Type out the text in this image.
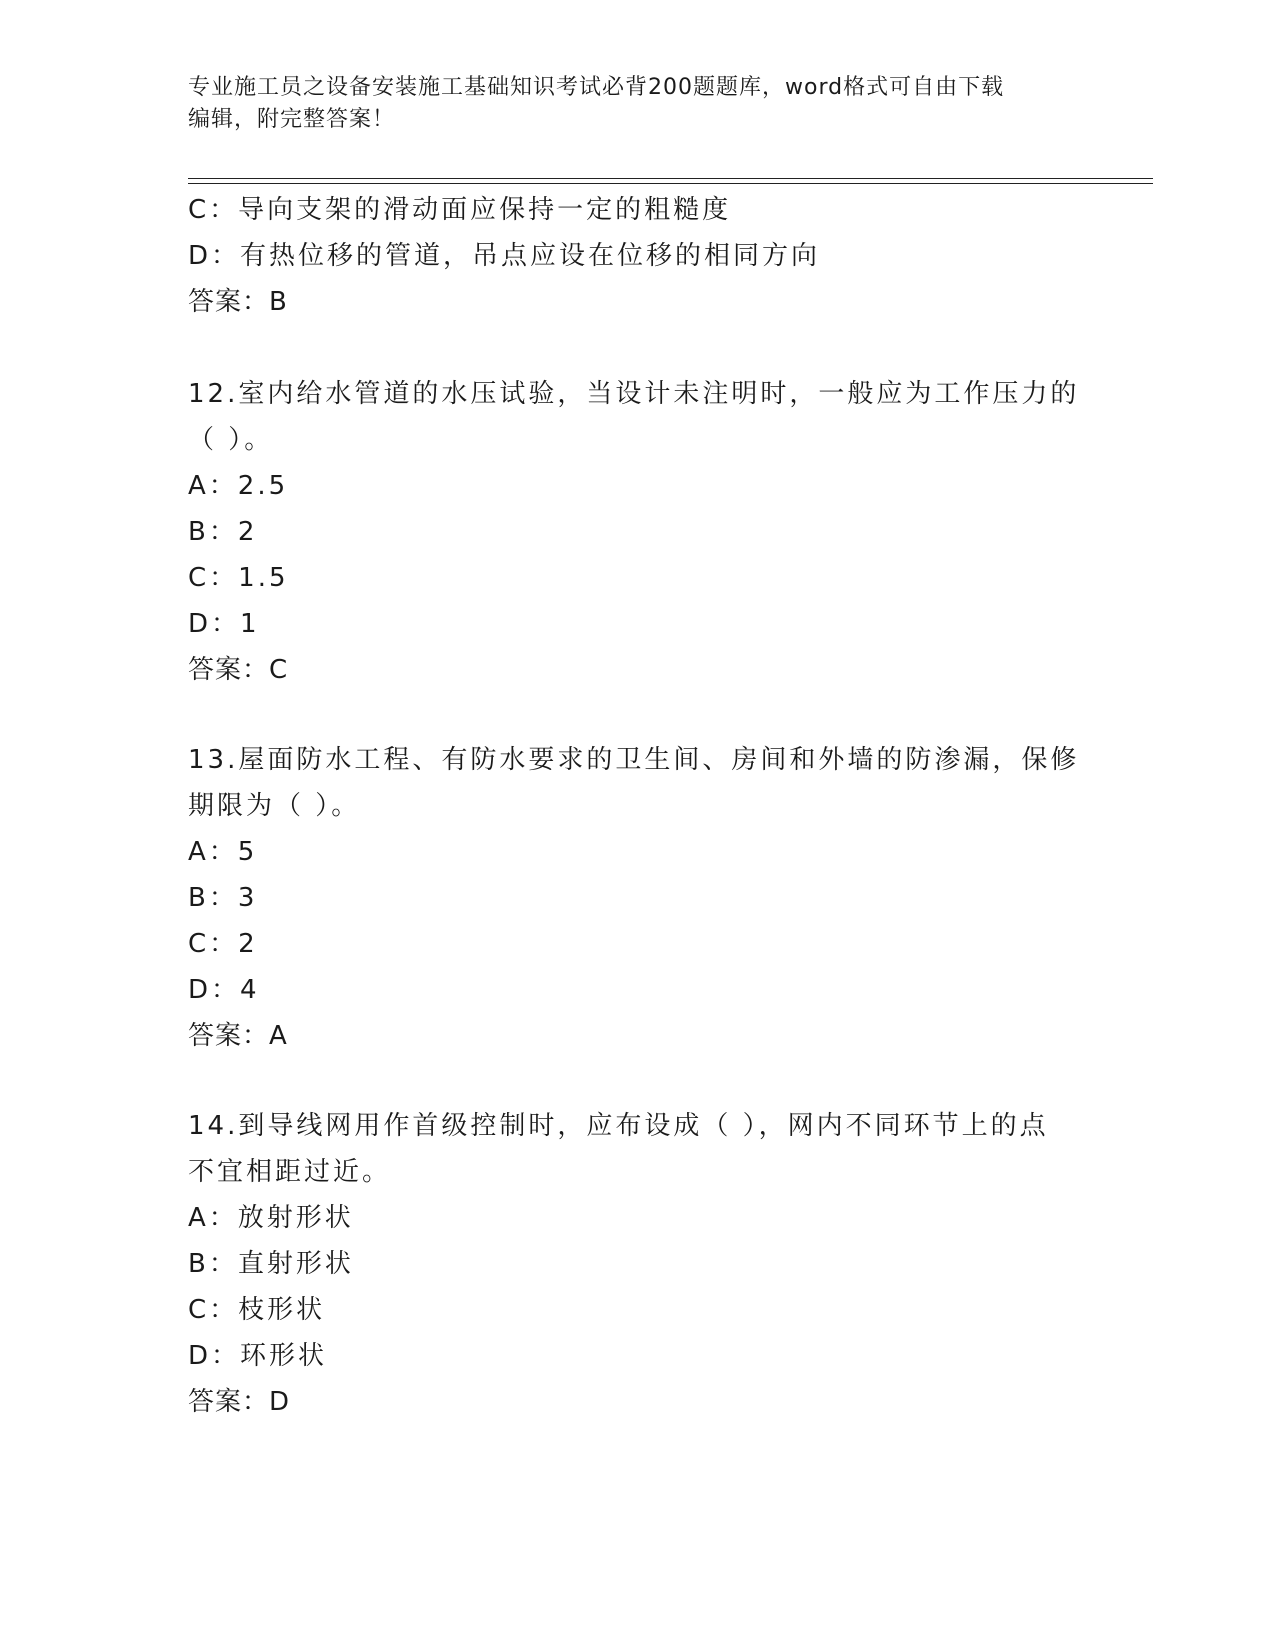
专业施工员之设备安装施工基础知识考试必背200题题库，word格式可自由下载
编辑，附完整答案！
C：导向支架的滑动面应保持一定的粗糙度
D：有热位移的管道，吊点应设在位移的相同方向
答案：B
12.室内给水管道的水压试验，当设计未注明时，一般应为工作压力的
（ ）。
A：2.5
B：2
C：1.5
D：1
答案：C
13.屋面防水工程、有防水要求的卫生间、房间和外墙的防渗漏，保修
期限为（ ）。
A：5
B：3
C：2
D：4
答案：A
14.到导线网用作首级控制时，应布设成（ ），网内不同环节上的点
不宜相距过近。
A：放射形状
B：直射形状
C：枝形状
D：环形状
答案：D
